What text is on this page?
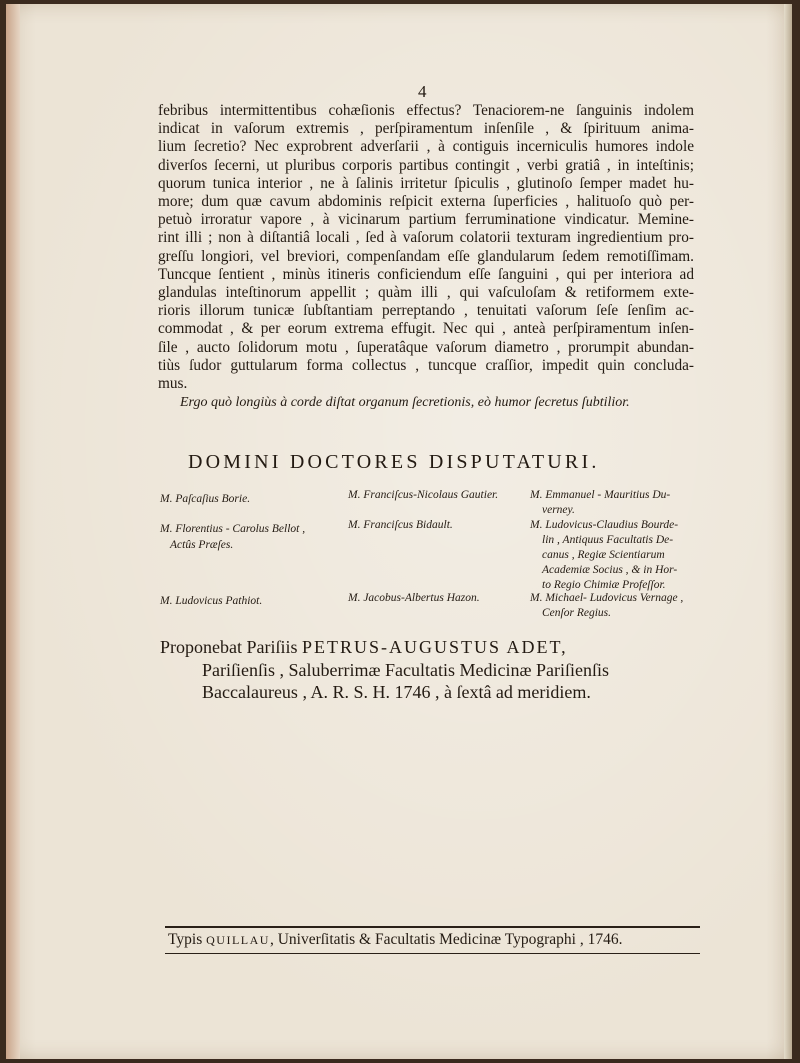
4
febribus intermittentibus cohæſionis effectus? Tenaciorem-ne ſanguinis indolem
indicat in vaſorum extremis , perſpiramentum inſenſile , & ſpirituum anima-
lium ſecretio? Nec exprobrent adverſarii , à contiguis incerniculis humores indole
diverſos ſecerni, ut pluribus corporis partibus contingit , verbi gratiâ , in inteſtinis;
quorum tunica interior , ne à ſalinis irritetur ſpiculis , glutinoſo ſemper madet hu-
more; dum quæ cavum abdominis reſpicit externa ſuperficies , halituoſo quò per-
petuò irroratur vapore , à vicinarum partium ferruminatione vindicatur. Memine-
rint illi ; non à diſtantiâ locali , ſed à vaſorum colatorii texturam ingredientium pro-
greſſu longiori, vel breviori, compenſandam eſſe glandularum ſedem remotiſſimam.
Tuncque ſentient , minùs itineris conficiendum eſſe ſanguini , qui per interiora ad
glandulas inteſtinorum appellit ; quàm illi , qui vaſculoſam & retiformem exte-
rioris illorum tunicæ ſubſtantiam perreptando , tenuitati vaſorum ſeſe ſenſim ac-
commodat , & per eorum extrema effugit. Nec qui , anteà perſpiramentum inſen-
ſile , aucto ſolidorum motu , ſuperatâque vaſorum diametro , prorumpit abundan-
tiùs ſudor guttularum forma collectus , tuncque craſſior, impedit quin concluda-
mus.
Ergo quò longiùs à corde diſtat organum ſecretionis, eò humor ſecretus ſubtilior.
DOMINI DOCTORES DISPUTATURI.
M. Paſcaſius Borie.
M. Florentius - Carolus Bellot ,
Actûs Præſes.
M. Ludovicus Pathiot.
M. Franciſcus-Nicolaus Gautier.
M. Franciſcus Bidault.
M. Jacobus-Albertus Hazon.
M. Emmanuel - Mauritius Du-
verney.
M. Ludovicus-Claudius Bourde-
lin , Antiquus Facultatis De-
canus , Regiæ Scientiarum
Academiæ Socius , & in Hor-
to Regio Chimiæ Profeſſor.
M. Michael- Ludovicus Vernage ,
Cenſor Regius.
Proponebat Pariſiis PETRUS-AUGUSTUS ADET,
Pariſienſis , Saluberrimæ Facultatis Medicinæ Pariſienſis
Baccalaureus , A. R. S. H. 1746 , à ſextâ ad meridiem.
Typis QUILLAU, Univerſitatis & Facultatis Medicinæ Typographi , 1746.
